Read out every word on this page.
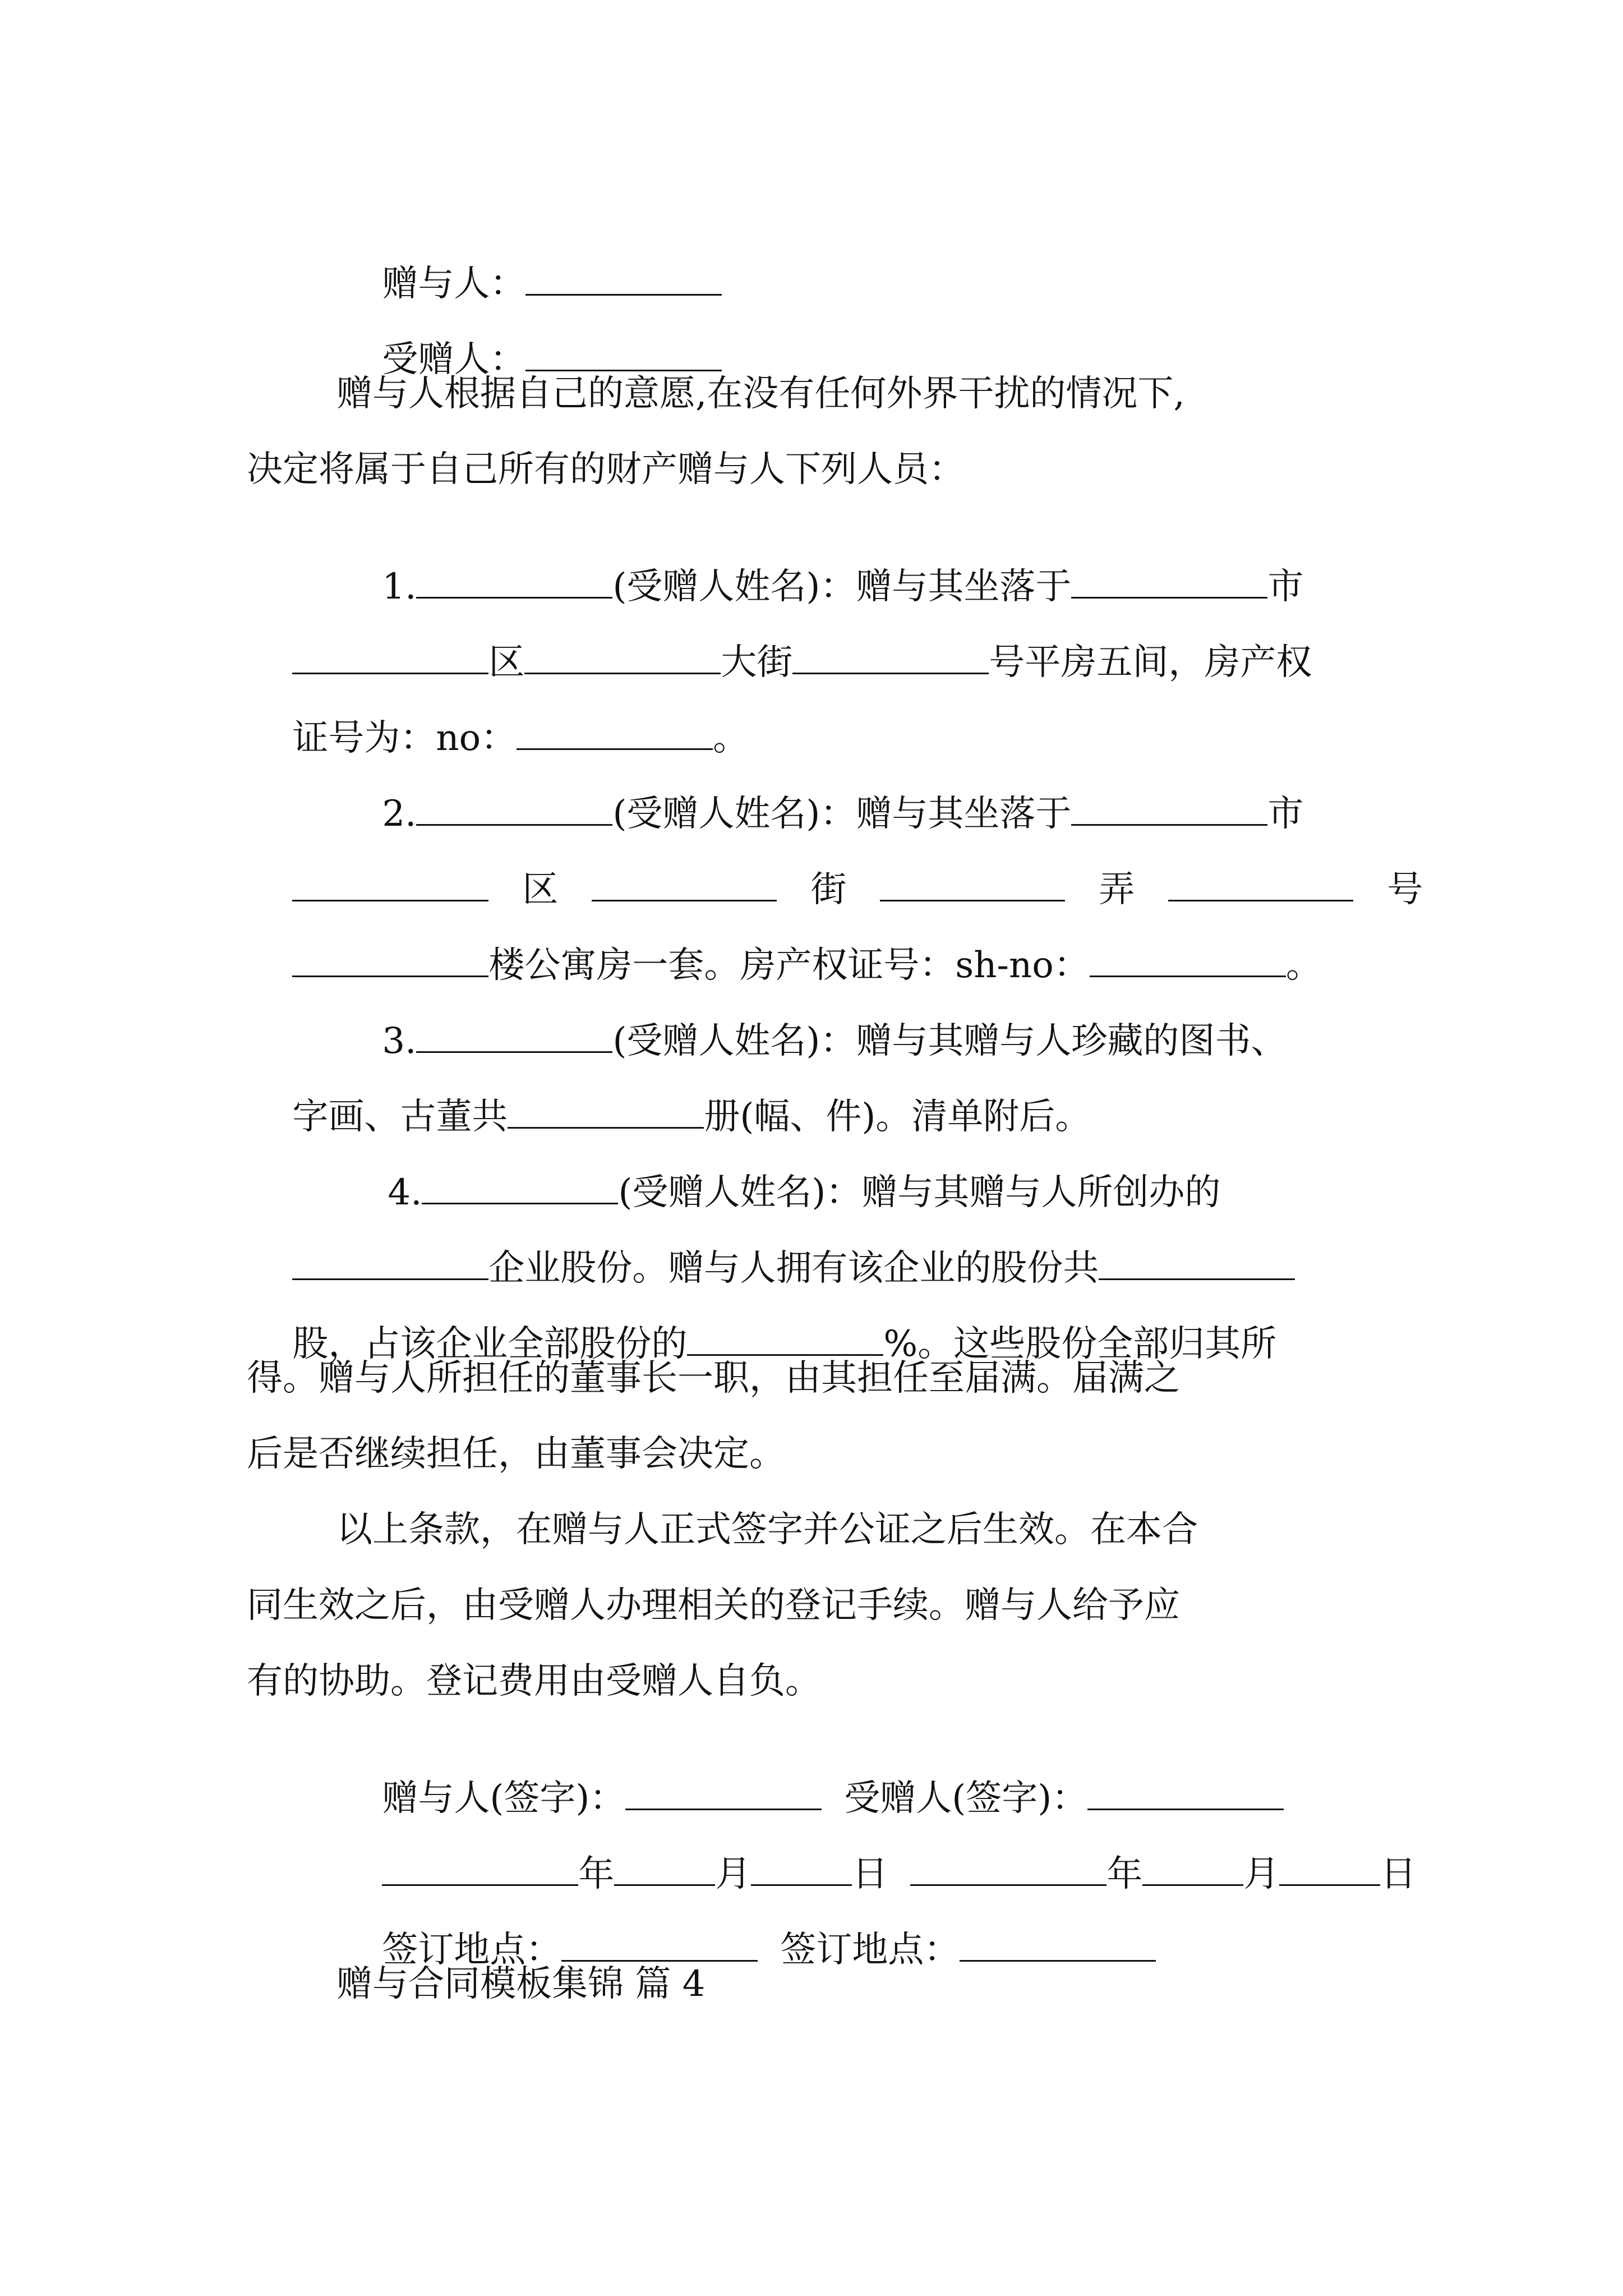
赠与人：

受赠人：

赠与人根据自己的意愿,在没有任何外界干扰的情况下,
决定将属于自己所有的财产赠与人下列人员：

1.	(受赠人姓名)：赠与其坐落于	市

区	大街	号平房五间，房产权

证号为：no：	。

2.	(受赠人姓名)：赠与其坐落于	市

区	街	弄	号

楼公寓房一套。房产权证号：sh-no：	。

3.	(受赠人姓名)：赠与其赠与人珍藏的图书、

字画、古董共	册(幅、件)。清单附后。

4.	(受赠人姓名)：赠与其赠与人所创办的

企业股份。赠与人拥有该企业的股份共

股，占该企业全部股份的	%。这些股份全部归其所

得。赠与人所担任的董事长一职，由其担任至届满。届满之
后是否继续担任，由董事会决定。
以上条款，在赠与人正式签字并公证之后生效。在本合
同生效之后，由受赠人办理相关的登记手续。赠与人给予应
有的协助。登记费用由受赠人自负。

赠与人(签字)：	受赠人(签字)：

年	月	日	年	月	日

签订地点：	签订地点：

赠与合同模板集锦 篇 4
